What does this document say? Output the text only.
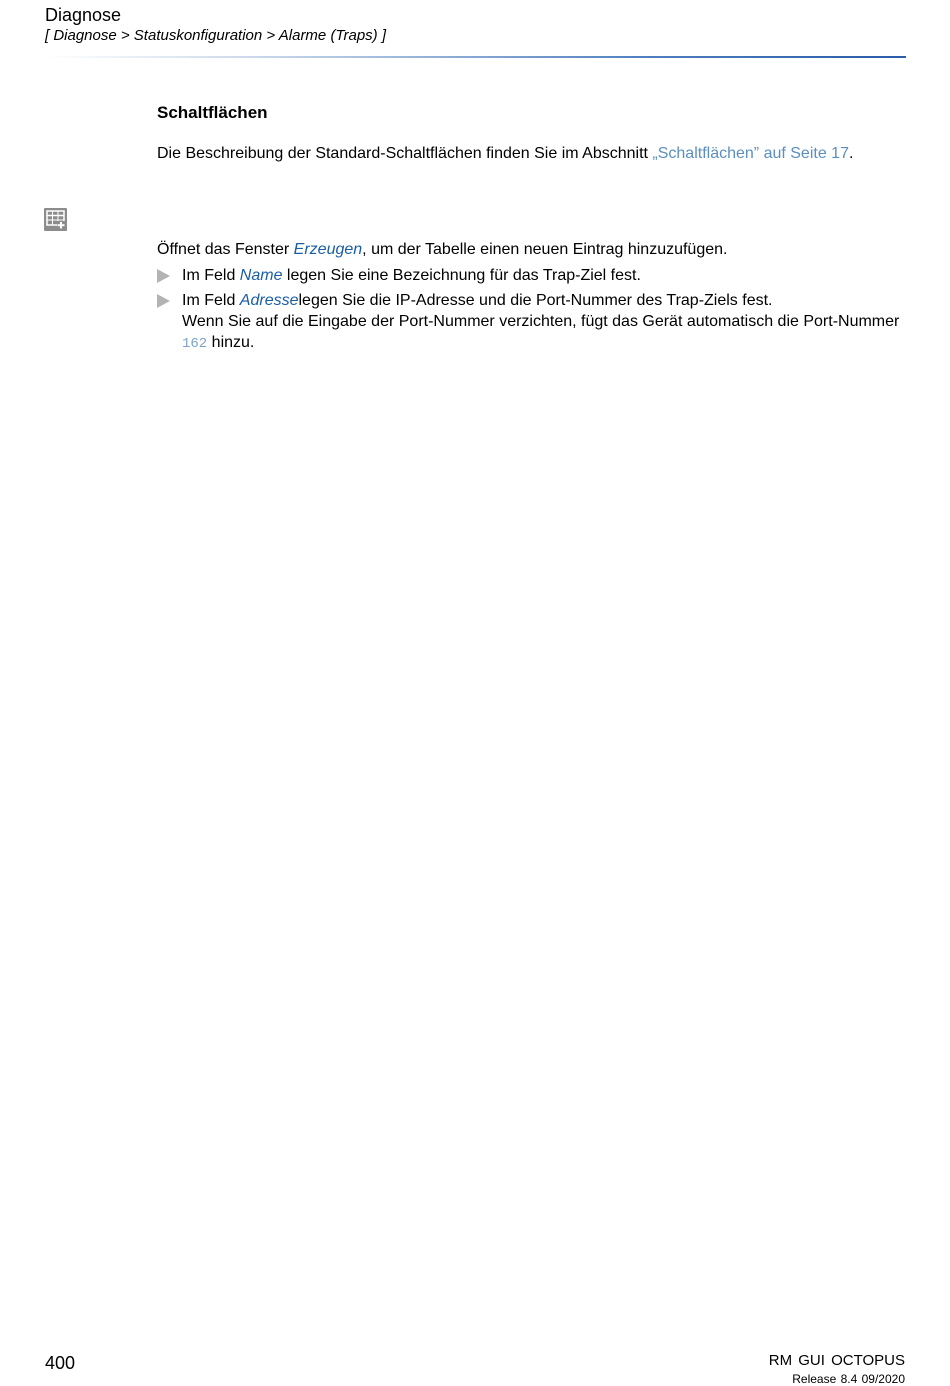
Diagnose
[ Diagnose > Statuskonfiguration > Alarme (Traps) ]
Schaltflächen
Die Beschreibung der Standard-Schaltflächen finden Sie im Abschnitt „Schaltflächen” auf Seite 17.
Öffnet das Fenster Erzeugen, um der Tabelle einen neuen Eintrag hinzuzufügen.
Im Feld Name legen Sie eine Bezeichnung für das Trap-Ziel fest.
Im Feld Adresselegen Sie die IP-Adresse und die Port-Nummer des Trap-Ziels fest.
Wenn Sie auf die Eingabe der Port-Nummer verzichten, fügt das Gerät automatisch die Port-Nummer 162 hinzu.
400	RM GUI OCTOPUS
Release 8.4 09/2020
